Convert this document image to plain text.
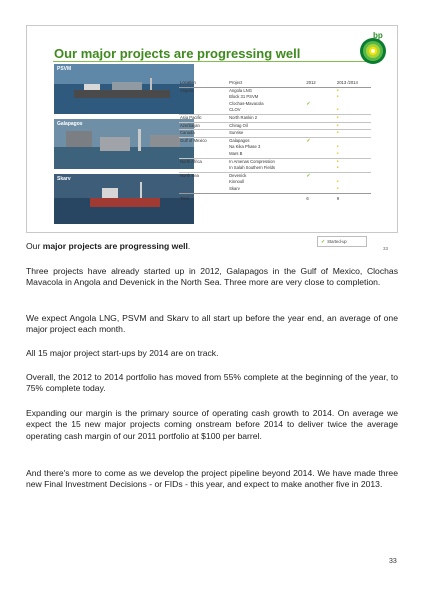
Our major projects are progressing well
bp
PSVM
Galapagos
Skarv
Location	Project	2012	2013 /2014
Angola	Angola LNG		•
	Block 31 PSVM		•
	Clochas-Mavacola	✓	
	CLOV		•
Asia Pacific	North Rankin 2		•
Azerbaijan	Chirag Oil		•
Canada	Sunrise		•
Gulf of Mexico	Galapagos	✓	
	Na Kika Phase 3		•
	Mars B		•
North Africa	In Amenas Compression		•
	In Salah Southern Fields		•
North Sea	Devenick	✓	
	Kinnoull		•
	Skarv		•
Total		6	9
✓ Started-up
33
Our major projects are progressing well.

Three projects have already started up in 2012, Galapagos in the Gulf of Mexico, Clochas Mavacola in Angola and Devenick in the North Sea. Three more are very close to completion.

We expect Angola LNG, PSVM and Skarv to all start up before the year end, an average of one major project each month.

All 15 major project start-ups by 2014 are on track.

Overall, the 2012 to 2014 portfolio has moved from 55% complete at the beginning of the year, to 75% complete today.

Expanding our margin is the primary source of operating cash growth to 2014. On average we expect the 15 new major projects coming onstream before 2014 to deliver twice the average operating cash margin of our 2011 portfolio at $100 per barrel.

And there's more to come as we develop the project pipeline beyond 2014. We have made three new Final Investment Decisions - or FIDs - this year, and expect to make another five in 2013.

33
